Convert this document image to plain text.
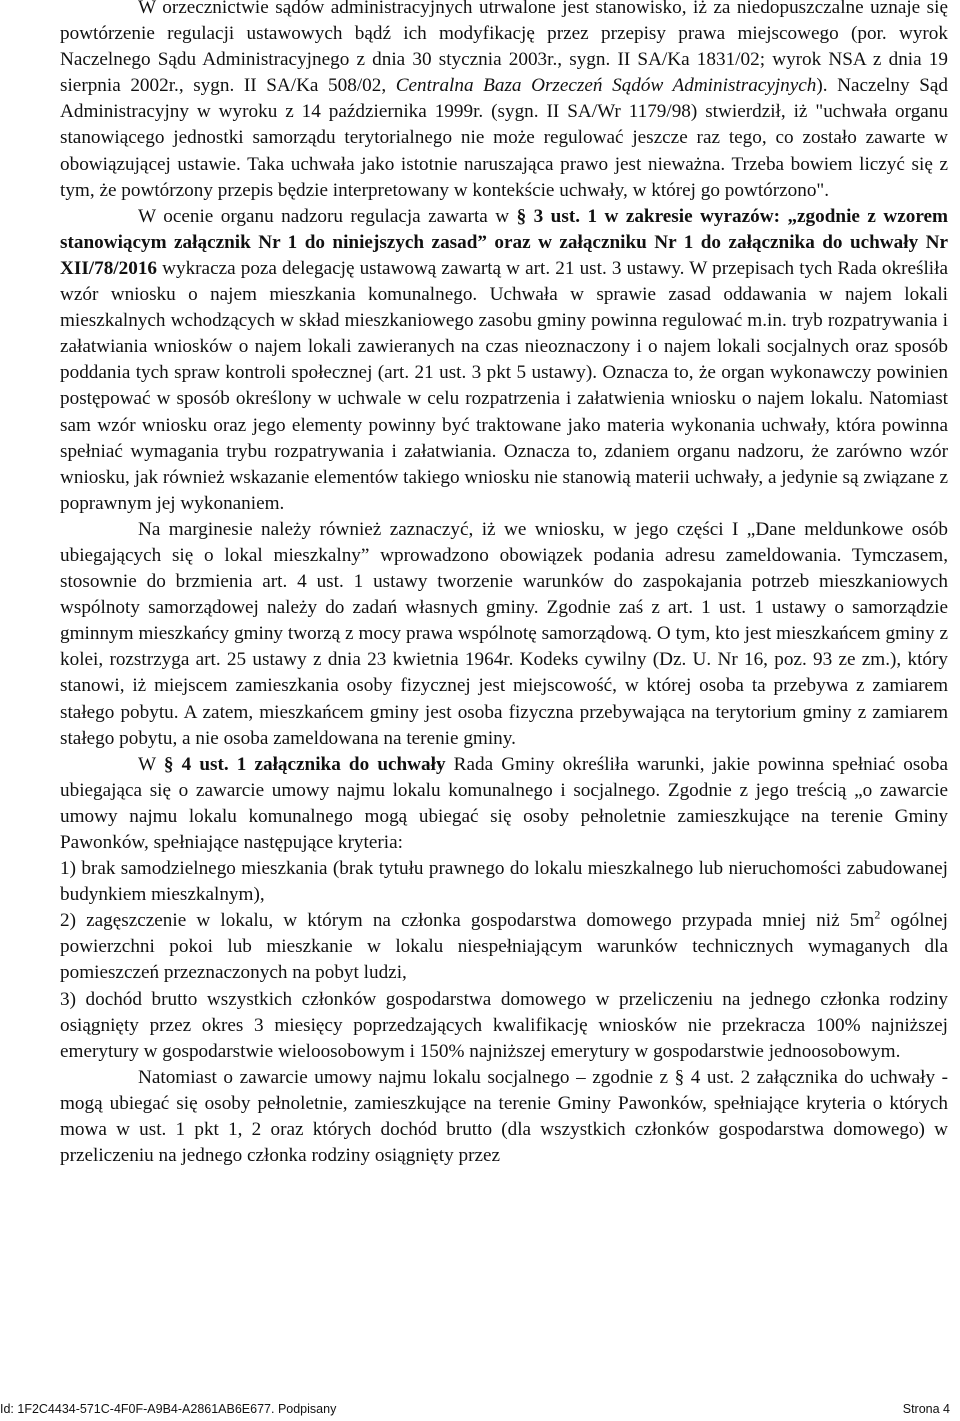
W orzecznictwie sądów administracyjnych utrwalone jest stanowisko, iż za niedopuszczalne uznaje się powtórzenie regulacji ustawowych bądź ich modyfikację przez przepisy prawa miejscowego (por. wyrok Naczelnego Sądu Administracyjnego z dnia 30 stycznia 2003r., sygn. II SA/Ka 1831/02; wyrok NSA z dnia 19 sierpnia 2002r., sygn. II SA/Ka 508/02, Centralna Baza Orzeczeń Sądów Administracyjnych). Naczelny Sąd Administracyjny w wyroku z 14 października 1999r. (sygn. II SA/Wr 1179/98) stwierdził, iż "uchwała organu stanowiącego jednostki samorządu terytorialnego nie może regulować jeszcze raz tego, co zostało zawarte w obowiązującej ustawie. Taka uchwała jako istotnie naruszająca prawo jest nieważna. Trzeba bowiem liczyć się z tym, że powtórzony przepis będzie interpretowany w kontekście uchwały, w której go powtórzono".

W ocenie organu nadzoru regulacja zawarta w § 3 ust. 1 w zakresie wyrazów: „zgodnie z wzorem stanowiącym załącznik Nr 1 do niniejszych zasad” oraz w załączniku Nr 1 do załącznika do uchwały Nr XII/78/2016 wykracza poza delegację ustawową zawartą w art. 21 ust. 3 ustawy. W przepisach tych Rada określiła wzór wniosku o najem mieszkania komunalnego. Uchwała w sprawie zasad oddawania w najem lokali mieszkalnych wchodzących w skład mieszkaniowego zasobu gminy powinna regulować m.in. tryb rozpatrywania i załatwiania wniosków o najem lokali zawieranych na czas nieoznaczony i o najem lokali socjalnych oraz sposób poddania tych spraw kontroli społecznej (art. 21 ust. 3 pkt 5 ustawy). Oznacza to, że organ wykonawczy powinien postępować w sposób określony w uchwale w celu rozpatrzenia i załatwienia wniosku o najem lokalu. Natomiast sam wzór wniosku oraz jego elementy powinny być traktowane jako materia wykonania uchwały, która powinna spełniać wymagania trybu rozpatrywania i załatwiania. Oznacza to, zdaniem organu nadzoru, że zarówno wzór wniosku, jak również wskazanie elementów takiego wniosku nie stanowią materii uchwały, a jedynie są związane z poprawnym jej wykonaniem.

Na marginesie należy również zaznaczyć, iż we wniosku, w jego części I „Dane meldunkowe osób ubiegających się o lokal mieszkalny” wprowadzono obowiązek podania adresu zameldowania. Tymczasem, stosownie do brzmienia art. 4 ust. 1 ustawy tworzenie warunków do zaspokajania potrzeb mieszkaniowych wspólnoty samorządowej należy do zadań własnych gminy. Zgodnie zaś z art. 1 ust. 1 ustawy o samorządzie gminnym mieszkańcy gminy tworzą z mocy prawa wspólnotę samorządową. O tym, kto jest mieszkańcem gminy z kolei, rozstrzyga art. 25 ustawy z dnia 23 kwietnia 1964r. Kodeks cywilny (Dz. U. Nr 16, poz. 93 ze zm.), który stanowi, iż miejscem zamieszkania osoby fizycznej jest miejscowość, w której osoba ta przebywa z zamiarem stałego pobytu. A zatem, mieszkańcem gminy jest osoba fizyczna przebywająca na terytorium gminy z zamiarem stałego pobytu, a nie osoba zameldowana na terenie gminy.

W § 4 ust. 1 załącznika do uchwały Rada Gminy określiła warunki, jakie powinna spełniać osoba ubiegająca się o zawarcie umowy najmu lokalu komunalnego i socjalnego. Zgodnie z jego treścią „o zawarcie umowy najmu lokalu komunalnego mogą ubiegać się osoby pełnoletnie zamieszkujące na terenie Gminy Pawonków, spełniające następujące kryteria:

1) brak samodzielnego mieszkania (brak tytułu prawnego do lokalu mieszkalnego lub nieruchomości zabudowanej budynkiem mieszkalnym),

2) zagęszczenie w lokalu, w którym na członka gospodarstwa domowego przypada mniej niż $5m^2$ ogólnej powierzchni pokoi lub mieszkanie w lokalu niespełniającym warunków technicznych wymaganych dla pomieszczeń przeznaczonych na pobyt ludzi,

3) dochód brutto wszystkich członków gospodarstwa domowego w przeliczeniu na jednego członka rodziny osiągnięty przez okres 3 miesięcy poprzedzających kwalifikację wniosków nie przekracza 100% najniższej emerytury w gospodarstwie wieloosobowym i 150% najniższej emerytury w gospodarstwie jednoosobowym.

Natomiast o zawarcie umowy najmu lokalu socjalnego – zgodnie z § 4 ust. 2 załącznika do uchwały - mogą ubiegać się osoby pełnoletnie, zamieszkujące na terenie Gminy Pawonków, spełniające kryteria o których mowa w ust. 1 pkt 1, 2 oraz których dochód brutto (dla wszystkich członków gospodarstwa domowego) w przeliczeniu na jednego członka rodziny osiągnięty przez

Id: 1F2C4434-571C-4F0F-A9B4-A2861AB6E677. Podpisany	Strona 4
